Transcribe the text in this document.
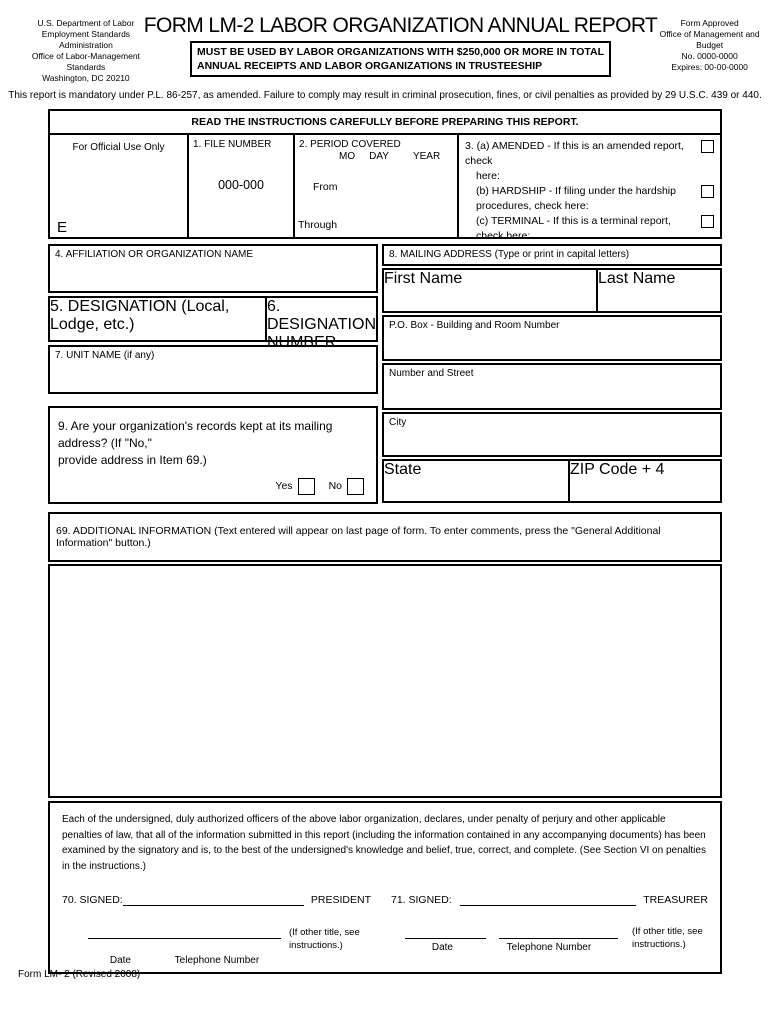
U.S. Department of Labor
Employment Standards Administration
Office of Labor-Management Standards
Washington, DC 20210
FORM LM-2 LABOR ORGANIZATION ANNUAL REPORT
MUST BE USED BY LABOR ORGANIZATIONS WITH $250,000 OR MORE IN TOTAL
ANNUAL RECEIPTS AND LABOR ORGANIZATIONS IN TRUSTEESHIP
Form Approved
Office of Management and Budget
No. 0000-0000
Expires: 00-00-0000
This report is mandatory under P.L. 86-257, as amended. Failure to comply may result in criminal prosecution, fines, or civil penalties as provided by 29 U.S.C. 439 or 440.
READ THE INSTRUCTIONS CAREFULLY BEFORE PREPARING THIS REPORT.
For Official Use Only
E
1. FILE NUMBER
000-000
2. PERIOD COVERED
MO DAY YEAR
From
Through
3. (a) AMENDED - If this is an amended report, check
here:
(b) HARDSHIP - If filing under the hardship
procedures, check here:
(c) TERMINAL - If this is a terminal report, check here:
4. AFFILIATION OR ORGANIZATION NAME
5. DESIGNATION (Local, Lodge, etc.)
6. DESIGNATION NUMBER
7. UNIT NAME (if any)
9. Are your organization's records kept at its mailing address? (If "No,"
provide address in Item 69.)
Yes	No
8. MAILING ADDRESS (Type or print in capital letters)
First Name	Last Name
P.O. Box - Building and Room Number
Number and Street
City
State	ZIP Code + 4
69. ADDITIONAL INFORMATION (Text entered will appear on last page of form. To enter comments, press the "General Additional Information" button.)
Each of the undersigned, duly authorized officers of the above labor organization, declares, under penalty of perjury and other applicable penalties of law, that all of the information submitted in this report (including the information contained in any accompanying documents) has been examined by the signatory and is, to the best of the undersigned's knowledge and belief, true, correct, and complete. (See Section VI on penalties in the instructions.)
70. SIGNED:	PRESIDENT
(If other title, see instructions.)
Date	Telephone Number
71. SIGNED:	TREASURER
(If other title, see instructions.)
Date	Telephone Number
Form LM- 2 (Revised 2008)
